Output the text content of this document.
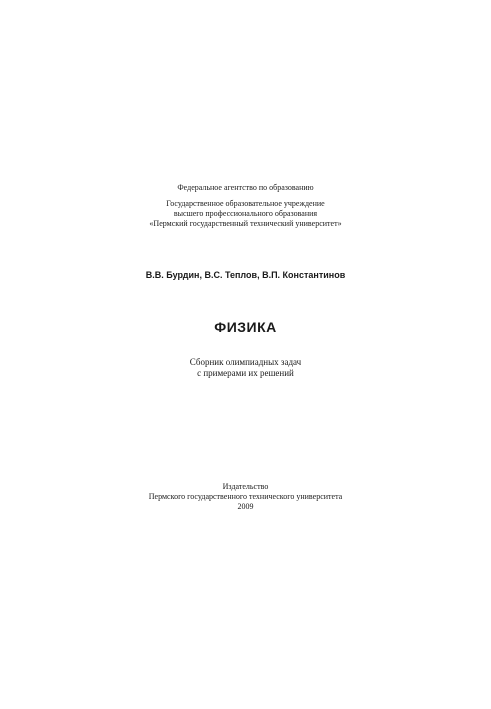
Федеральное агентство по образованию
Государственное образовательное учреждение
высшего профессионального образования
«Пермский государственный технический университет»
В.В. Бурдин, В.С. Теплов, В.П. Константинов
ФИЗИКА
Сборник олимпиадных задач
с примерами их решений
Издательство
Пермского государственного технического университета
2009
